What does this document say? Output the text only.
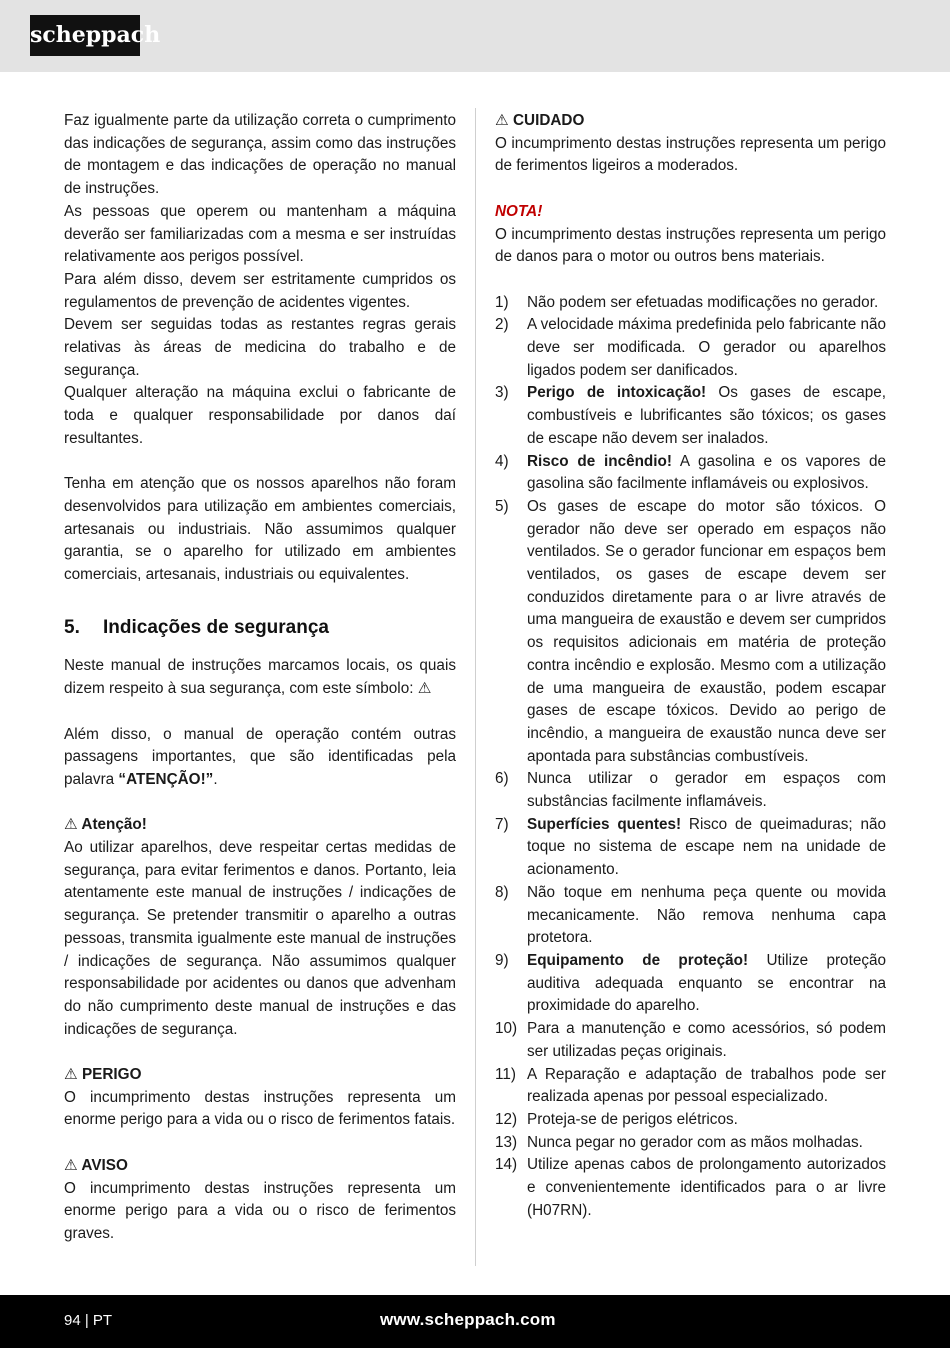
scheppach

Faz igualmente parte da utilização correta o cumprimento das indicações de segurança, assim como das instruções de montagem e das indicações de operação no manual de instruções.

As pessoas que operem ou mantenham a máquina deverão ser familiarizadas com a mesma e ser instruídas relativamente aos perigos possível.

Para além disso, devem ser estritamente cumpridos os regulamentos de prevenção de acidentes vigentes.

Devem ser seguidas todas as restantes regras gerais relativas às áreas de medicina do trabalho e de segurança.

Qualquer alteração na máquina exclui o fabricante de toda e qualquer responsabilidade por danos daí resultantes.

Tenha em atenção que os nossos aparelhos não foram desenvolvidos para utilização em ambientes comerciais, artesanais ou industriais. Não assumimos qualquer garantia, se o aparelho for utilizado em ambientes comerciais, artesanais, industriais ou equivalentes.

5. Indicações de segurança

Neste manual de instruções marcamos locais, os quais dizem respeito à sua segurança, com este símbolo: ⚠

Além disso, o manual de operação contém outras passagens importantes, que são identificadas pela palavra “ATENÇÃO!”.

⚠ Atenção!

Ao utilizar aparelhos, deve respeitar certas medidas de segurança, para evitar ferimentos e danos. Portanto, leia atentamente este manual de instruções / indicações de segurança. Se pretender transmitir o aparelho a outras pessoas, transmita igualmente este manual de instruções / indicações de segurança. Não assumimos qualquer responsabilidade por acidentes ou danos que advenham do não cumprimento deste manual de instruções e das indicações de segurança.

⚠ PERIGO

O incumprimento destas instruções representa um enorme perigo para a vida ou o risco de ferimentos fatais.

⚠ AVISO

O incumprimento destas instruções representa um enorme perigo para a vida ou o risco de ferimentos graves.

⚠ CUIDADO

O incumprimento destas instruções representa um perigo de ferimentos ligeiros a moderados.

NOTA!

O incumprimento destas instruções representa um perigo de danos para o motor ou outros bens materiais.

1) Não podem ser efetuadas modificações no gerador.
2) A velocidade máxima predefinida pelo fabricante não deve ser modificada. O gerador ou aparelhos ligados podem ser danificados.
3) Perigo de intoxicação! Os gases de escape, combustíveis e lubrificantes são tóxicos; os gases de escape não devem ser inalados.
4) Risco de incêndio! A gasolina e os vapores de gasolina são facilmente inflamáveis ou explosivos.
5) Os gases de escape do motor são tóxicos. O gerador não deve ser operado em espaços não ventilados. Se o gerador funcionar em espaços bem ventilados, os gases de escape devem ser conduzidos diretamente para o ar livre através de uma mangueira de exaustão e devem ser cumpridos os requisitos adicionais em matéria de proteção contra incêndio e explosão. Mesmo com a utilização de uma mangueira de exaustão, podem escapar gases de escape tóxicos. Devido ao perigo de incêndio, a mangueira de exaustão nunca deve ser apontada para substâncias combustíveis.
6) Nunca utilizar o gerador em espaços com substâncias facilmente inflamáveis.
7) Superfícies quentes! Risco de queimaduras; não toque no sistema de escape nem na unidade de acionamento.
8) Não toque em nenhuma peça quente ou movida mecanicamente. Não remova nenhuma capa protetora.
9) Equipamento de proteção! Utilize proteção auditiva adequada enquanto se encontrar na proximidade do aparelho.
10) Para a manutenção e como acessórios, só podem ser utilizadas peças originais.
11) A Reparação e adaptação de trabalhos pode ser realizada apenas por pessoal especializado.
12) Proteja-se de perigos elétricos.
13) Nunca pegar no gerador com as mãos molhadas.
14) Utilize apenas cabos de prolongamento autorizados e convenientemente identificados para o ar livre (H07RN).
94 | PT	www.scheppach.com
